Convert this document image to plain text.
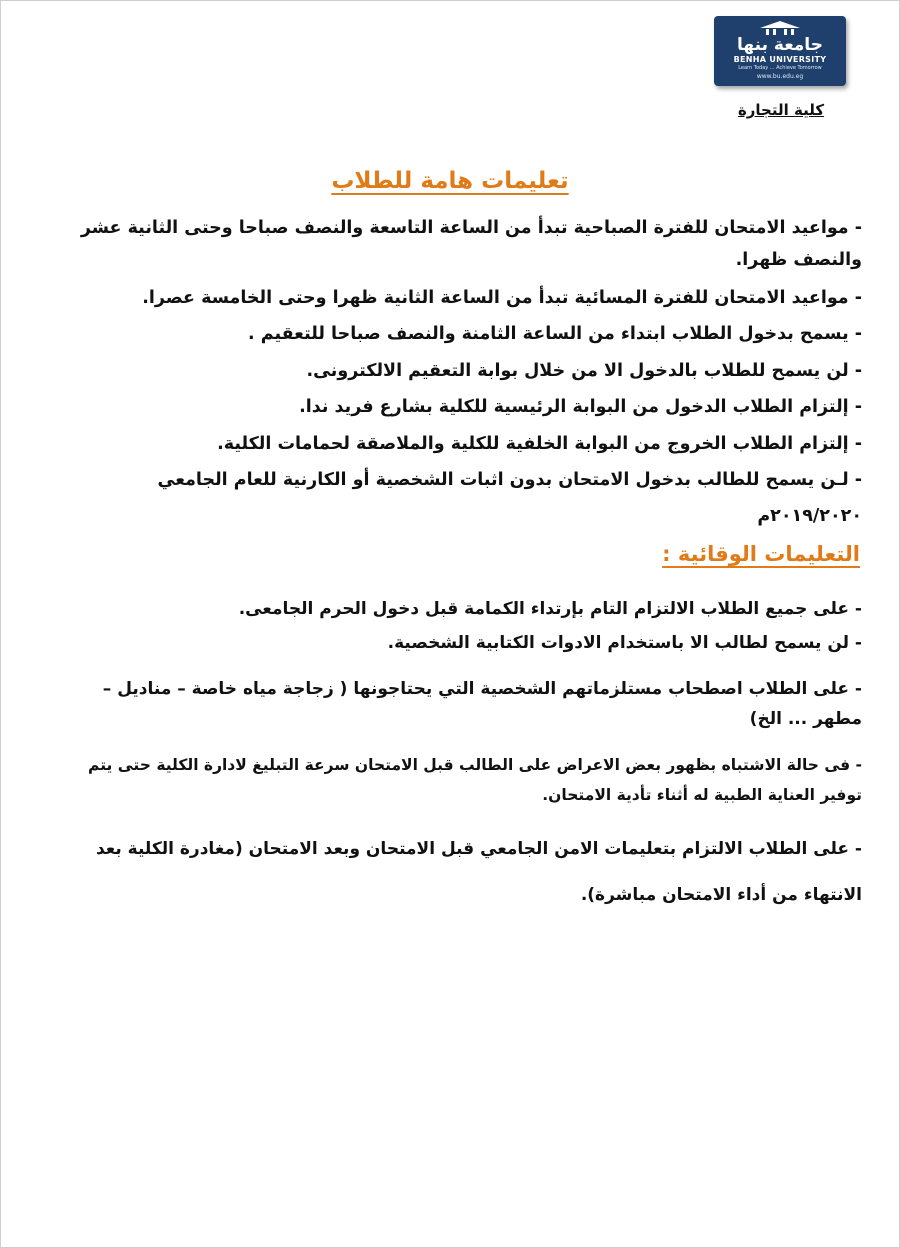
جامعة بنها
BENHA UNIVERSITY
Learn Today ... Achieve Tomorrow
www.bu.edu.eg
كلية التجارة
تعليمات هامة للطلاب
- مواعيد الامتحان للفترة الصباحية تبدأ من الساعة التاسعة والنصف صباحا وحتى الثانية عشر والنصف ظهرا.
- مواعيد الامتحان للفترة المسائية تبدأ من الساعة الثانية ظهرا وحتى الخامسة عصرا.
- يسمح بدخول الطلاب ابتداء من الساعة الثامنة والنصف صباحا للتعقيم .
- لن يسمح للطلاب بالدخول الا من خلال بوابة التعقيم الالكترونى.
- إلتزام الطلاب الدخول من البوابة الرئيسية للكلية بشارع فريد ندا.
- إلتزام الطلاب الخروج من البوابة الخلفية للكلية والملاصقة لحمامات الكلية.
- لـن يسمح للطالب بدخول الامتحان بدون اثبات الشخصية أو الكارنية للعام الجامعي ٢٠١٩/٢٠٢٠م
التعليمات الوقائية :
- على جميع الطلاب الالتزام التام بإرتداء الكمامة قبل دخول الحرم الجامعى.
- لن يسمح لطالب الا باستخدام الادوات الكتابية الشخصية.
- على الطلاب اصطحاب مستلزماتهم الشخصية التي يحتاجونها ( زجاجة مياه خاصة – مناديل – مطهر ... الخ)
- فى حالة الاشتباه بظهور بعض الاعراض على الطالب قبل الامتحان سرعة التبليغ لادارة الكلية حتى يتم توفير العناية الطبية له أثناء تأدية الامتحان.
- على الطلاب الالتزام بتعليمات الامن الجامعي قبل الامتحان وبعد الامتحان (مغادرة الكلية بعد الانتهاء من أداء الامتحان مباشرة).
